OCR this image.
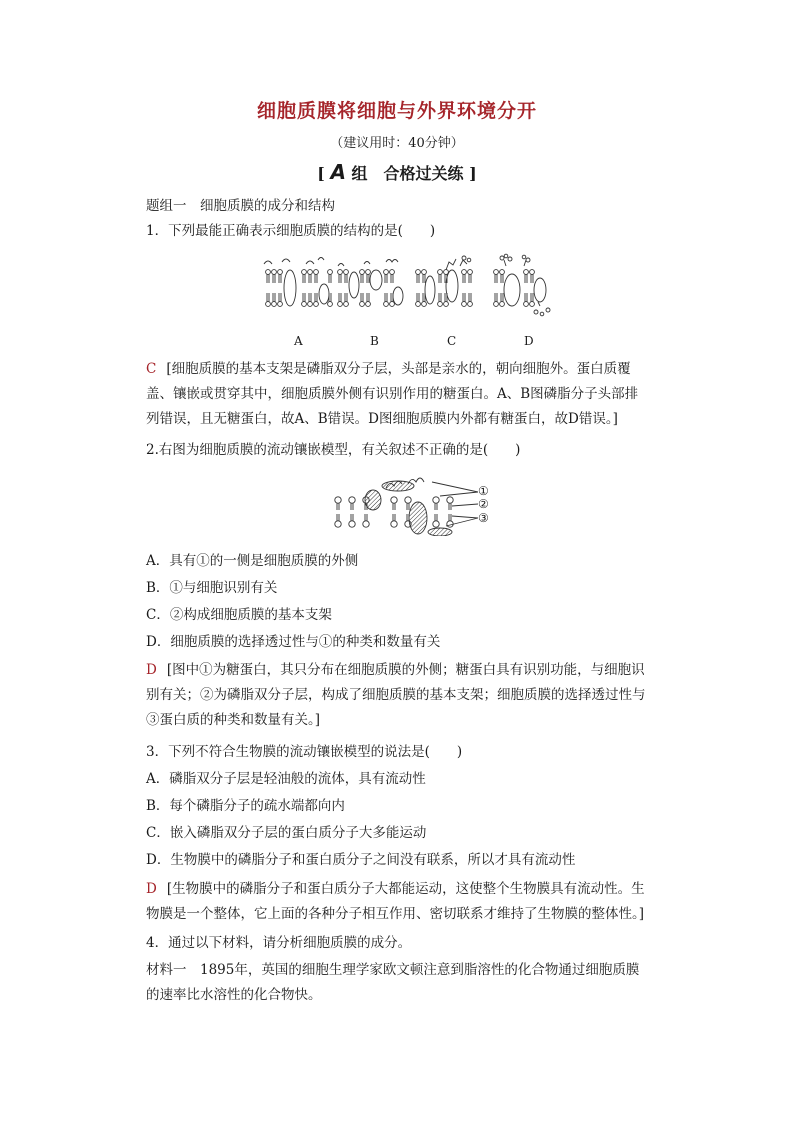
细胞质膜将细胞与外界环境分开
（建议用时：40分钟）
[ A 组　合格过关练 ]
题组一　细胞质膜的成分和结构
1．下列最能正确表示细胞质膜的结构的是(　　)
A	B	C	D
C [细胞质膜的基本支架是磷脂双分子层，头部是亲水的，朝向细胞外。蛋白质覆盖、镶嵌或贯穿其中，细胞质膜外侧有识别作用的糖蛋白。A、B图磷脂分子头部排列错误，且无糖蛋白，故A、B错误。D图细胞质膜内外都有糖蛋白，故D错误。]
2.右图为细胞质膜的流动镶嵌模型，有关叙述不正确的是(　　)
①
②
③
A．具有①的一侧是细胞质膜的外侧
B．①与细胞识别有关
C．②构成细胞质膜的基本支架
D．细胞质膜的选择透过性与①的种类和数量有关
D [图中①为糖蛋白，其只分布在细胞质膜的外侧；糖蛋白具有识别功能，与细胞识别有关；②为磷脂双分子层，构成了细胞质膜的基本支架；细胞质膜的选择透过性与③蛋白质的种类和数量有关。]
3．下列不符合生物膜的流动镶嵌模型的说法是(　　)
A．磷脂双分子层是轻油般的流体，具有流动性
B．每个磷脂分子的疏水端都向内
C．嵌入磷脂双分子层的蛋白质分子大多能运动
D．生物膜中的磷脂分子和蛋白质分子之间没有联系，所以才具有流动性
D [生物膜中的磷脂分子和蛋白质分子大都能运动，这使整个生物膜具有流动性。生物膜是一个整体，它上面的各种分子相互作用、密切联系才维持了生物膜的整体性。]
4．通过以下材料，请分析细胞质膜的成分。
材料一　1895年，英国的细胞生理学家欧文顿注意到脂溶性的化合物通过细胞质膜的速率比水溶性的化合物快。
